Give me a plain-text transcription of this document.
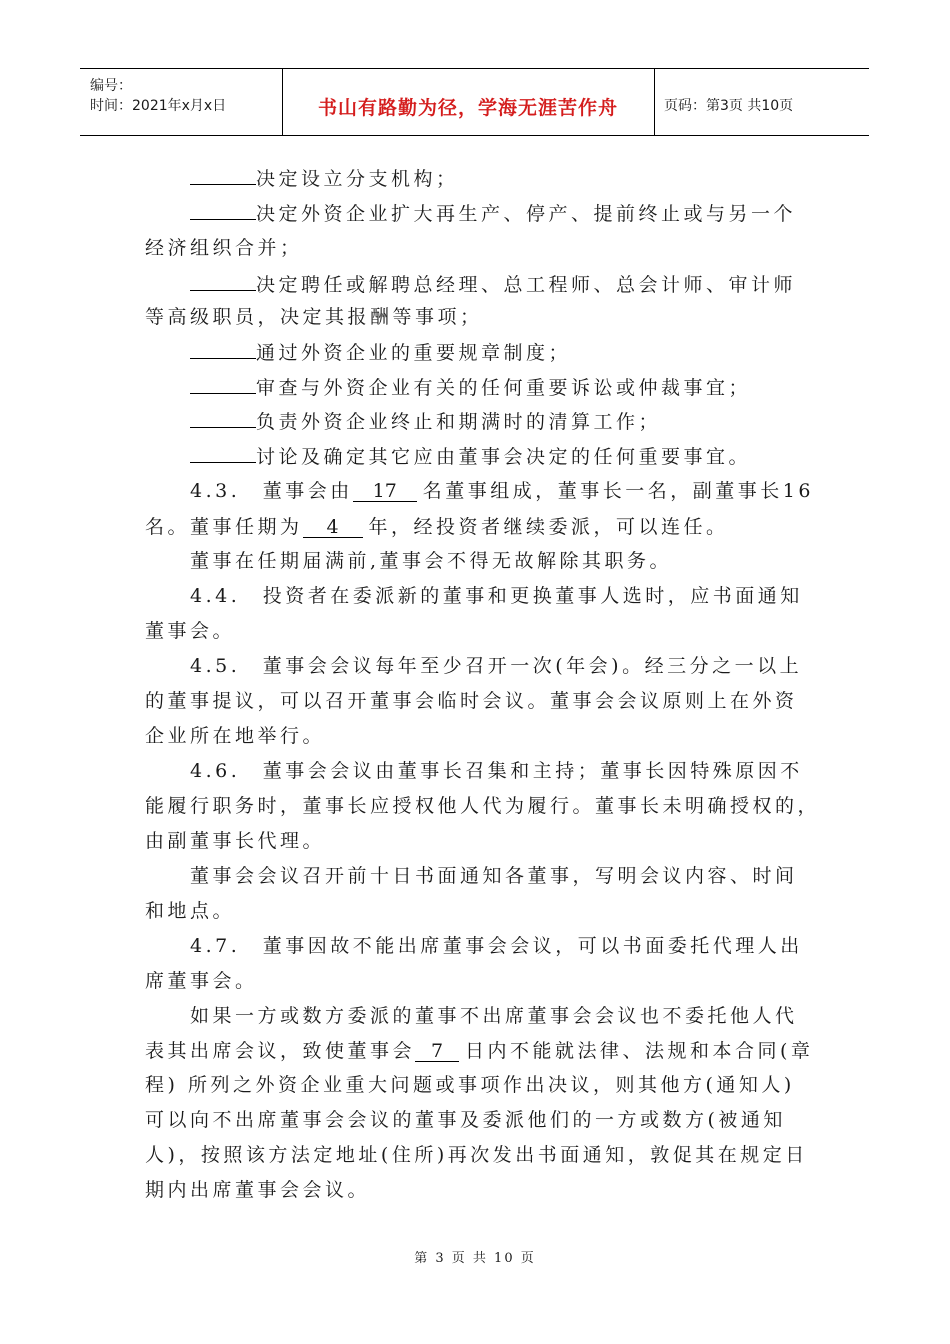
编号：
时间：2021年x月x日	书山有路勤为径，学海无涯苦作舟	页码：第3页 共10页
决定设立分支机构；
决定外资企业扩大再生产、停产、提前终止或与另一个
经济组织合并；
决定聘任或解聘总经理、总工程师、总会计师、审计师
等高级职员，决定其报酬等事项；
通过外资企业的重要规章制度；
审查与外资企业有关的任何重要诉讼或仲裁事宜；
负责外资企业终止和期满时的清算工作；
讨论及确定其它应由董事会决定的任何重要事宜。
4.3.　董事会由 17 名董事组成，董事长一名，副董事长16
名。董事任期为 4 年，经投资者继续委派，可以连任。
董事在任期届满前,董事会不得无故解除其职务。
4.4.　投资者在委派新的董事和更换董事人选时，应书面通知
董事会。
4.5.　董事会会议每年至少召开一次(年会)。经三分之一以上
的董事提议，可以召开董事会临时会议。董事会会议原则上在外资
企业所在地举行。
4.6.　董事会会议由董事长召集和主持；董事长因特殊原因不
能履行职务时，董事长应授权他人代为履行。董事长未明确授权的，
由副董事长代理。
董事会会议召开前十日书面通知各董事，写明会议内容、时间
和地点。
4.7.　董事因故不能出席董事会会议，可以书面委托代理人出
席董事会。
如果一方或数方委派的董事不出席董事会会议也不委托他人代
表其出席会议，致使董事会 7 日内不能就法律、法规和本合同(章
程) 所列之外资企业重大问题或事项作出决议，则其他方(通知人)
可以向不出席董事会会议的董事及委派他们的一方或数方(被通知
人)，按照该方法定地址(住所)再次发出书面通知，敦促其在规定日
期内出席董事会会议。
第 3 页 共 10 页
